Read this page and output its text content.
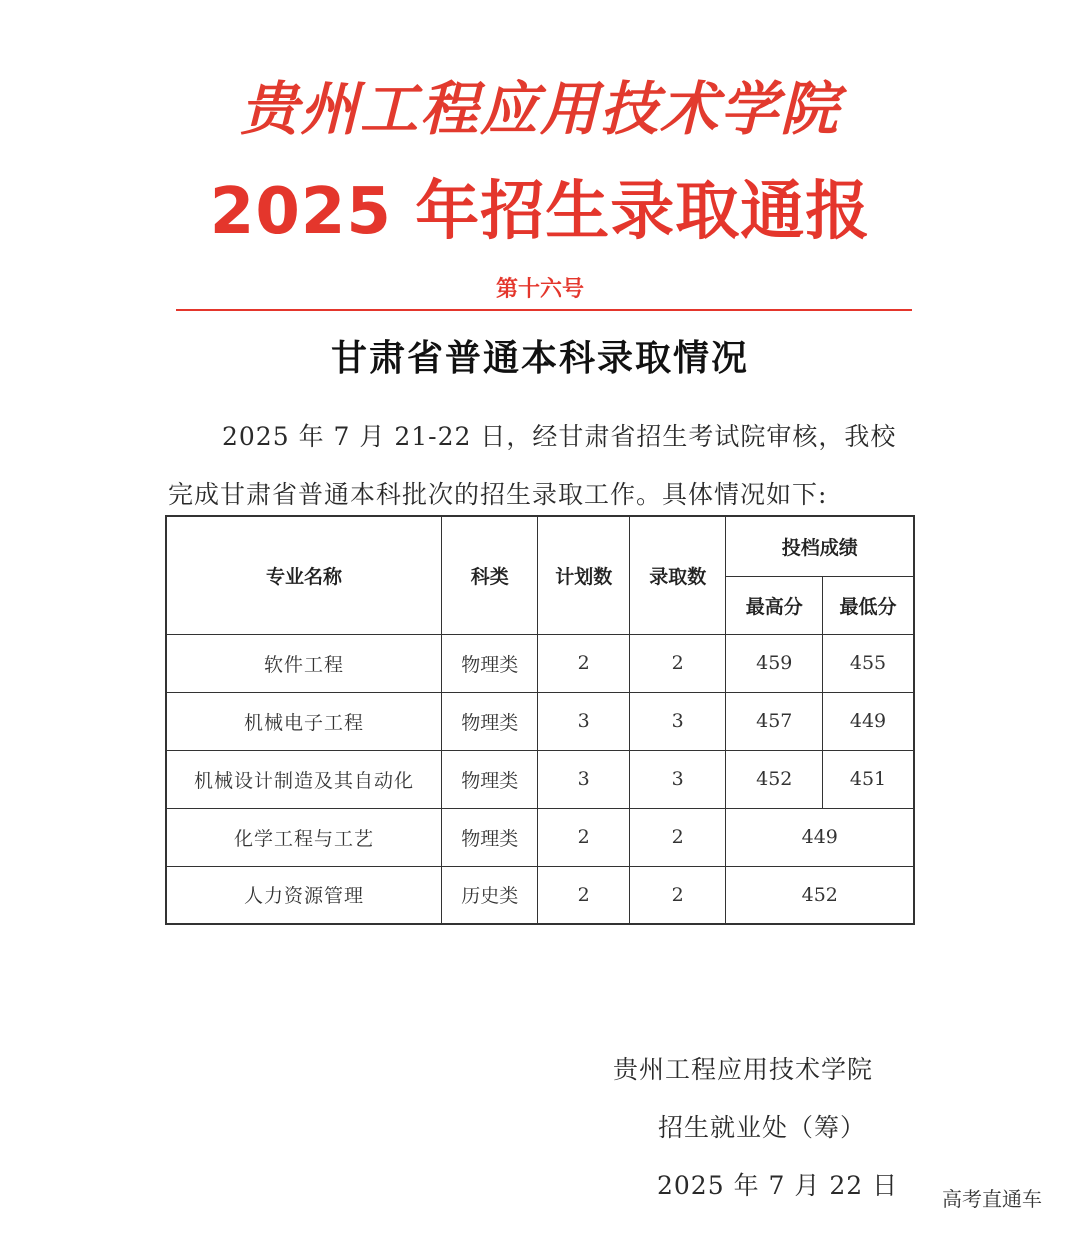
贵州工程应用技术学院
2025 年招生录取通报
第十六号
甘肃省普通本科录取情况

2025 年 7 月 21-22 日，经甘肃省招生考试院审核，我校完成甘肃省普通本科批次的招生录取工作。具体情况如下:

专业名称	科类	计划数	录取数	投档成绩	
				最高分	最低分
软件工程	物理类	2	2	459	455
机械电子工程	物理类	3	3	457	449
机械设计制造及其自动化	物理类	3	3	452	451
化学工程与工艺	物理类	2	2	449	
人力资源管理	历史类	2	2	452	
贵州工程应用技术学院
招生就业处（筹）
2025 年 7 月 22 日 高考直通车
